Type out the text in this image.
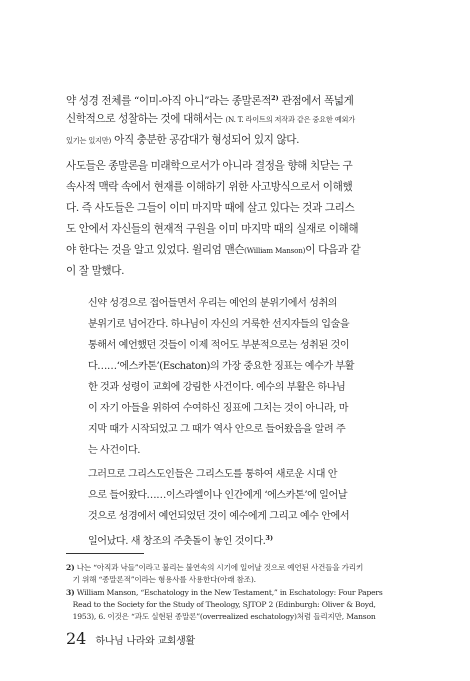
약 성경 전체를 “이미-아직 아니”라는 종말론적$^{2)}$ 관점에서 폭넓게
신학적으로 성찰하는 것에 대해서는 (N. T. 라이트의 저작과 같은 중요한 예외가
있기는 있지만) 아직 충분한 공감대가 형성되어 있지 않다.
사도들은 종말론을 미래학으로서가 아니라 결정을 향해 치닫는 구
속사적 맥락 속에서 현재를 이해하기 위한 사고방식으로서 이해했
다. 즉 사도들은 그들이 이미 마지막 때에 살고 있다는 것과 그리스
도 안에서 자신들의 현재적 구원을 이미 마지막 때의 실재로 이해해
야 한다는 것을 알고 있었다. 윌리엄 맨슨(William Manson)이 다음과 같
이 잘 말했다.
신약 성경으로 접어들면서 우리는 예언의 분위기에서 성취의
분위기로 넘어간다. 하나님이 자신의 거룩한 선지자들의 입술을
통해서 예언했던 것들이 이제 적어도 부분적으로는 성취된 것이
다……‘에스카톤’(Eschaton)의 가장 중요한 징표는 예수가 부활
한 것과 성령이 교회에 강림한 사건이다. 예수의 부활은 하나님
이 자기 아들을 위하여 수여하신 징표에 그치는 것이 아니라, 마
지막 때가 시작되었고 그 때가 역사 안으로 들어왔음을 알려 주
는 사건이다.
그러므로 그리스도인들은 그리스도를 통하여 새로운 시대 안
으로 들어왔다……이스라엘이나 인간에게 ‘에스카톤’에 일어날
것으로 성경에서 예언되었던 것이 예수에게 그리고 예수 안에서
일어났다. 새 창조의 주춧돌이 놓인 것이다.$^{3)}$
2) 나는 “아직과 낙들”이라고 불리는 불연속의 시기에 일어날 것으로 예언된 사건들을 가리키
기 위해 “종말론적”이라는 형용사를 사용한다(아래 참조).
3) William Manson, “Eschatology in the New Testament,” in Eschatology: Four Papers
Read to the Society for the Study of Theology, SJTOP 2 (Edinburgh: Oliver & Boyd,
1953), 6. 이것은 “과도 실현된 종말론”(overrealized eschatology)처럼 들리지만, Manson
24 하나님 나라와 교회생활
